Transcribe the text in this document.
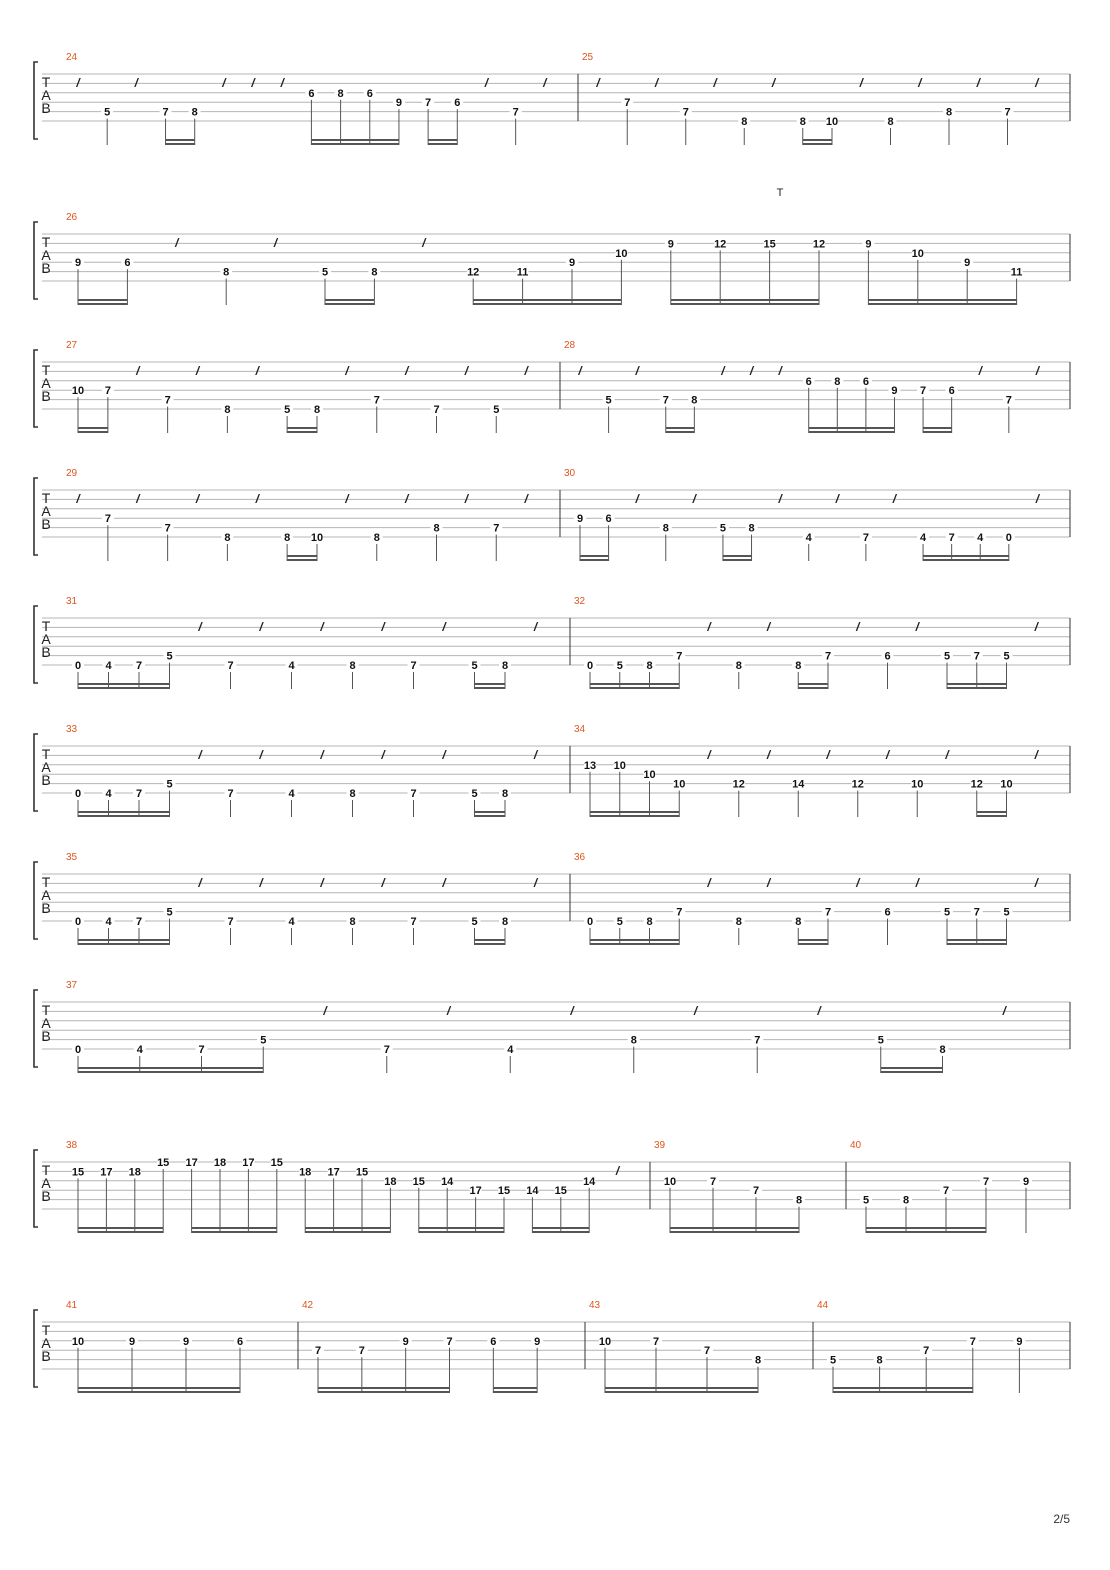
T
A
B
24
/
5
/
7 8
/ / /
6 8 6
9 7 6
/
7
/
25
/
7
/
7
/
8
/
8 10
/
8
/
8
/
7
/
T
A
B
T
26
9	6
/
8
/
5	8
/
12	11
9
10
9	12	15	12	9
10
9
11
T
A
B
27
10 7
/
7
/
8
/
5 8
/
7
/
7
/
5
/
28
/
5
/
7 8
/ / /
6 8 6
9 7 6
/
7
/
T
A
B
29
/
7
/
7
/
8
/
8 10
/
8
/
8
/
7
/
30
9 6
/
8
/
5 8
/
4
/
7
/
4 7 4 0
/
T
A
B
31
0 4 7
5
/
7
/
4
/
8
/
7
/
5 8
/
32
0 5 8
7
/
8
/
8
7
/
6
/
5 7 5
/
T
A
B
33
0 4 7
5
/
7
/
4
/
8
/
7
/
5 8
/
34
13 10
10
10
/
12
/
14
/
12
/
10
/
12 10
/
T
A
B
35
0 4 7
5
/
7
/
4
/
8
/
7
/
5 8
/
36
0 5 8
7
/
8
/
8
7
/
6
/
5 7 5
/
T
A
B
37
0	4	7
5
/
7
/
4
/
8
/
7
/
5
8
/
T
A
B
38
15 17 18
15 17 18 17 15
18 17 15
18 15 14
17 15 14 15
14
/
39
10	7
7
8
40
5	8
7
7	9
T
A
B
41
10	9	9	6
42
7	7
9	7	6	9
43
10	7
7
8
44
5	8
7
7	9
2/5
